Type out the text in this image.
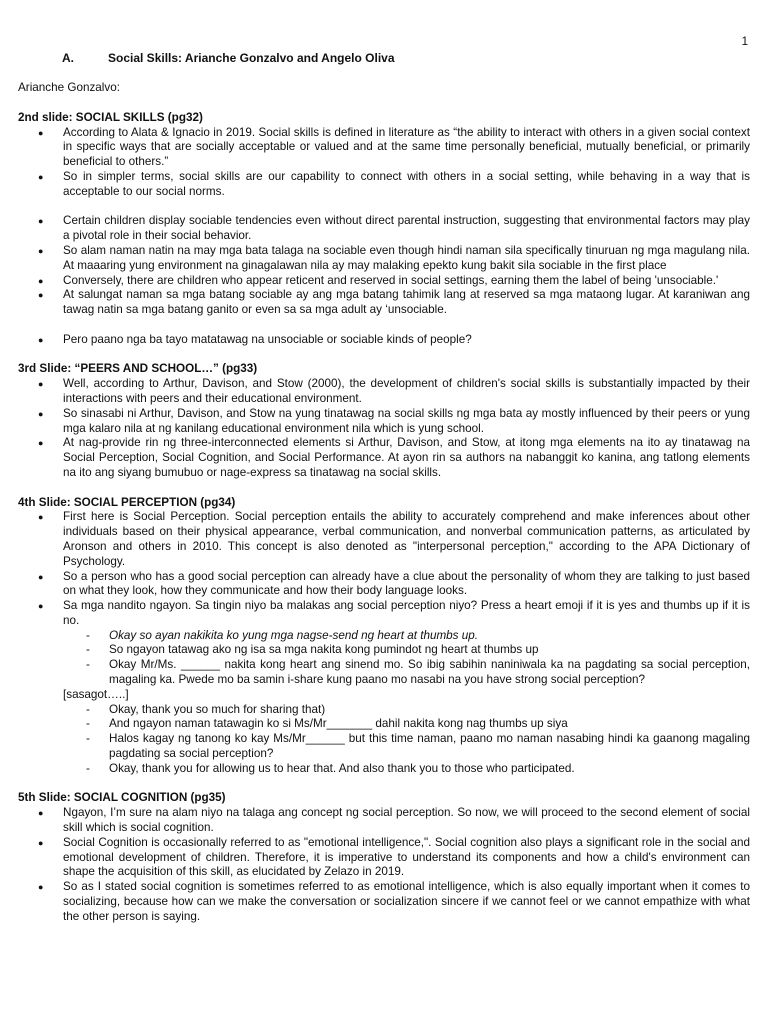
1
A.	Social Skills: Arianche Gonzalvo and Angelo Oliva
Arianche Gonzalvo:
2nd slide: SOCIAL SKILLS (pg32)
● According to Alata & Ignacio in 2019. Social skills is defined in literature as “the ability to interact with others in a given social context in specific ways that are socially acceptable or valued and at the same time personally beneficial, mutually beneficial, or primarily beneficial to others.”
● So in simpler terms, social skills are our capability to connect with others in a social setting, while behaving in a way that is acceptable to our social norms.
● Certain children display sociable tendencies even without direct parental instruction, suggesting that environmental factors may play a pivotal role in their social behavior.
● So alam naman natin na may mga bata talaga na sociable even though hindi naman sila specifically tinuruan ng mga magulang nila. At maaaring yung environment na ginagalawan nila ay may malaking epekto kung bakit sila sociable in the first place
● Conversely, there are children who appear reticent and reserved in social settings, earning them the label of being 'unsociable.'
● At salungat naman sa mga batang sociable ay ang mga batang tahimik lang at reserved sa mga mataong lugar. At karaniwan ang tawag natin sa mga batang ganito or even sa sa mga adult ay ‘unsociable.
● Pero paano nga ba tayo matatawag na unsociable or sociable kinds of people?
3rd Slide: “PEERS AND SCHOOL…” (pg33)
● Well, according to Arthur, Davison, and Stow (2000), the development of children's social skills is substantially impacted by their interactions with peers and their educational environment.
● So sinasabi ni Arthur, Davison, and Stow na yung tinatawag na social skills ng mga bata ay mostly influenced by their peers or yung mga kalaro nila at ng kanilang educational environment nila which is yung school.
● At nag-provide rin ng three-interconnected elements si Arthur, Davison, and Stow, at itong mga elements na ito ay tinatawag na Social Perception, Social Cognition, and Social Performance. At ayon rin sa authors na nabanggit ko kanina, ang tatlong elements na ito ang siyang bumubuo or nage-express sa tinatawag na social skills.
4th Slide: SOCIAL PERCEPTION (pg34)
● First here is Social Perception. Social perception entails the ability to accurately comprehend and make inferences about other individuals based on their physical appearance, verbal communication, and nonverbal communication patterns, as articulated by Aronson and others in 2010. This concept is also denoted as "interpersonal perception," according to the APA Dictionary of Psychology.
● So a person who has a good social perception can already have a clue about the personality of whom they are talking to just based on what they look, how they communicate and how their body language looks.
● Sa mga nandito ngayon. Sa tingin niyo ba malakas ang social perception niyo? Press a heart emoji if it is yes and thumbs up if it is no.
- Okay so ayan nakikita ko yung mga nagse-send ng heart at thumbs up.
- So ngayon tatawag ako ng isa sa mga nakita kong pumindot ng heart at thumbs up
- Okay Mr/Ms. ______ nakita kong heart ang sinend mo. So ibig sabihin naniniwala ka na pagdating sa social perception, magaling ka. Pwede mo ba samin i-share kung paano mo nasabi na you have strong social perception?
[sasagot…..]
- Okay, thank you so much for sharing that)
- And ngayon naman tatawagin ko si Ms/Mr_______ dahil nakita kong nag thumbs up siya
- Halos kagay ng tanong ko kay Ms/Mr______ but this time naman, paano mo naman nasabing hindi ka gaanong magaling pagdating sa social perception?
- Okay, thank you for allowing us to hear that. And also thank you to those who participated.
5th Slide: SOCIAL COGNITION (pg35)
● Ngayon, I’m sure na alam niyo na talaga ang concept ng social perception. So now, we will proceed to the second element of social skill which is social cognition.
● Social Cognition is occasionally referred to as "emotional intelligence,". Social cognition also plays a significant role in the social and emotional development of children. Therefore, it is imperative to understand its components and how a child's environment can shape the acquisition of this skill, as elucidated by Zelazo in 2019.
● So as I stated social cognition is sometimes referred to as emotional intelligence, which is also equally important when it comes to socializing, because how can we make the conversation or socialization sincere if we cannot feel or we cannot empathize with what the other person is saying.
